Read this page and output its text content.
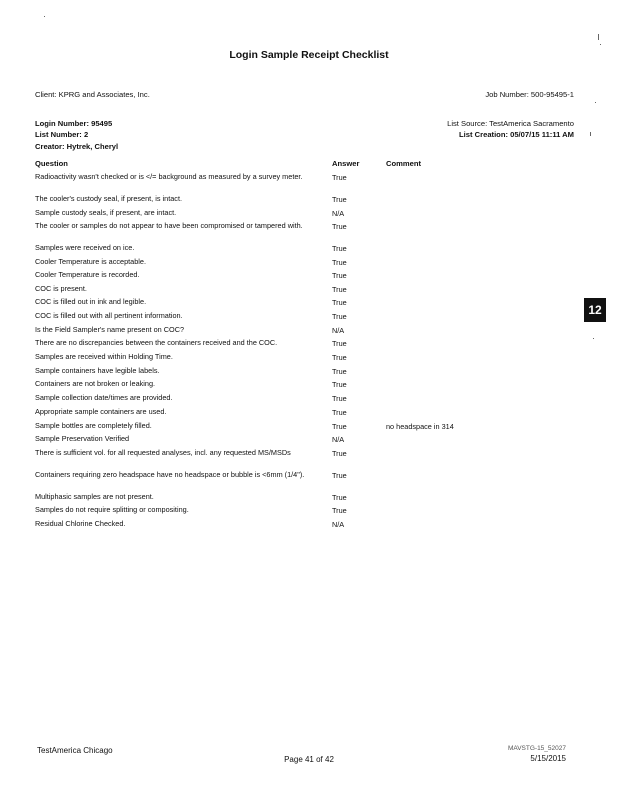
Login Sample Receipt Checklist
Client: KPRG and Associates, Inc.	Job Number: 500-95495-1
Login Number: 95495
List Number: 2
Creator: Hytrek, Cheryl
List Source: TestAmerica Sacramento
List Creation: 05/07/15 11:11 AM
Question	Answer	Comment
Radioactivity wasn't checked or is </= background as measured by a survey meter.	True
The cooler's custody seal, if present, is intact.	True
Sample custody seals, if present, are intact.	N/A
The cooler or samples do not appear to have been compromised or tampered with.	True
Samples were received on ice.	True
Cooler Temperature is acceptable.	True
Cooler Temperature is recorded.	True
COC is present.	True
COC is filled out in ink and legible.	True
COC is filled out with all pertinent information.	True
Is the Field Sampler's name present on COC?	N/A
There are no discrepancies between the containers received and the COC.	True
Samples are received within Holding Time.	True
Sample containers have legible labels.	True
Containers are not broken or leaking.	True
Sample collection date/times are provided.	True
Appropriate sample containers are used.	True
Sample bottles are completely filled.	True	no headspace in 314
Sample Preservation Verified	N/A
There is sufficient vol. for all requested analyses, incl. any requested MS/MSDs	True
Containers requiring zero headspace have no headspace or bubble is <6mm (1/4").	True
Multiphasic samples are not present.	True
Samples do not require splitting or compositing.	True
Residual Chlorine Checked.	N/A
12
TestAmerica Chicago
Page 41 of 42
MAVSTG-15_52027
5/15/2015
